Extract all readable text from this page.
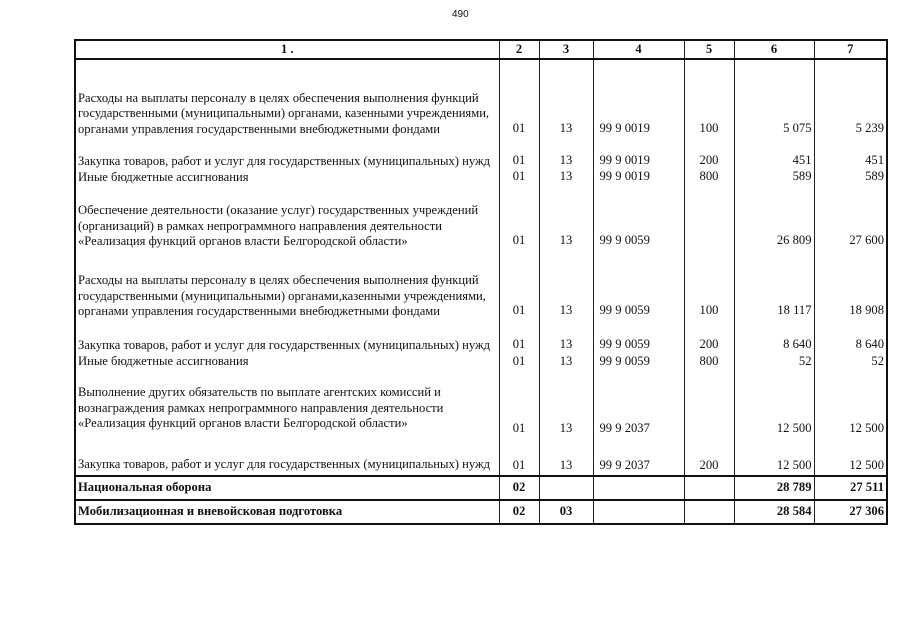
490
1 .	2	3	4	5	6	7
Расходы на выплаты персоналу в целях обеспечения выполнения функций государственными (муниципальными) органами, казенными учреждениями, органами управления государственными внебюджетными фондами	01	13	99 9 0019	100	5 075	5 239
Закупка товаров, работ и услуг для государственных (муниципальных) нужд	01	13	99 9 0019	200	451	451
Иные бюджетные ассигнования	01	13	99 9 0019	800	589	589
Обеспечение деятельности (оказание услуг) государственных учреждений (организаций) в рамках непрограммного направления деятельности «Реализация функций органов власти Белгородской области»	01	13	99 9 0059		26 809	27 600
Расходы на выплаты персоналу в целях обеспечения выполнения функций государственными (муниципальными) органами,казенными учреждениями, органами управления государственными внебюджетными фондами	01	13	99 9 0059	100	18 117	18 908
Закупка товаров, работ и услуг для государственных (муниципальных) нужд	01	13	99 9 0059	200	8 640	8 640
Иные бюджетные ассигнования	01	13	99 9 0059	800	52	52

Выполнение других обязательств по выплате агентских комиссий и вознаграждения рамках непрограммного направления деятельности «Реализация функций органов власти Белгородской области»	01	13	99 9 2037		12 500	12 500
Закупка товаров, работ и услуг для государственных (муниципальных) нужд	01	13	99 9 2037	200	12 500	12 500
Национальная оборона	02				28 789	27 511
Мобилизационная и вневойсковая подготовка	02	03			28 584	27 306
